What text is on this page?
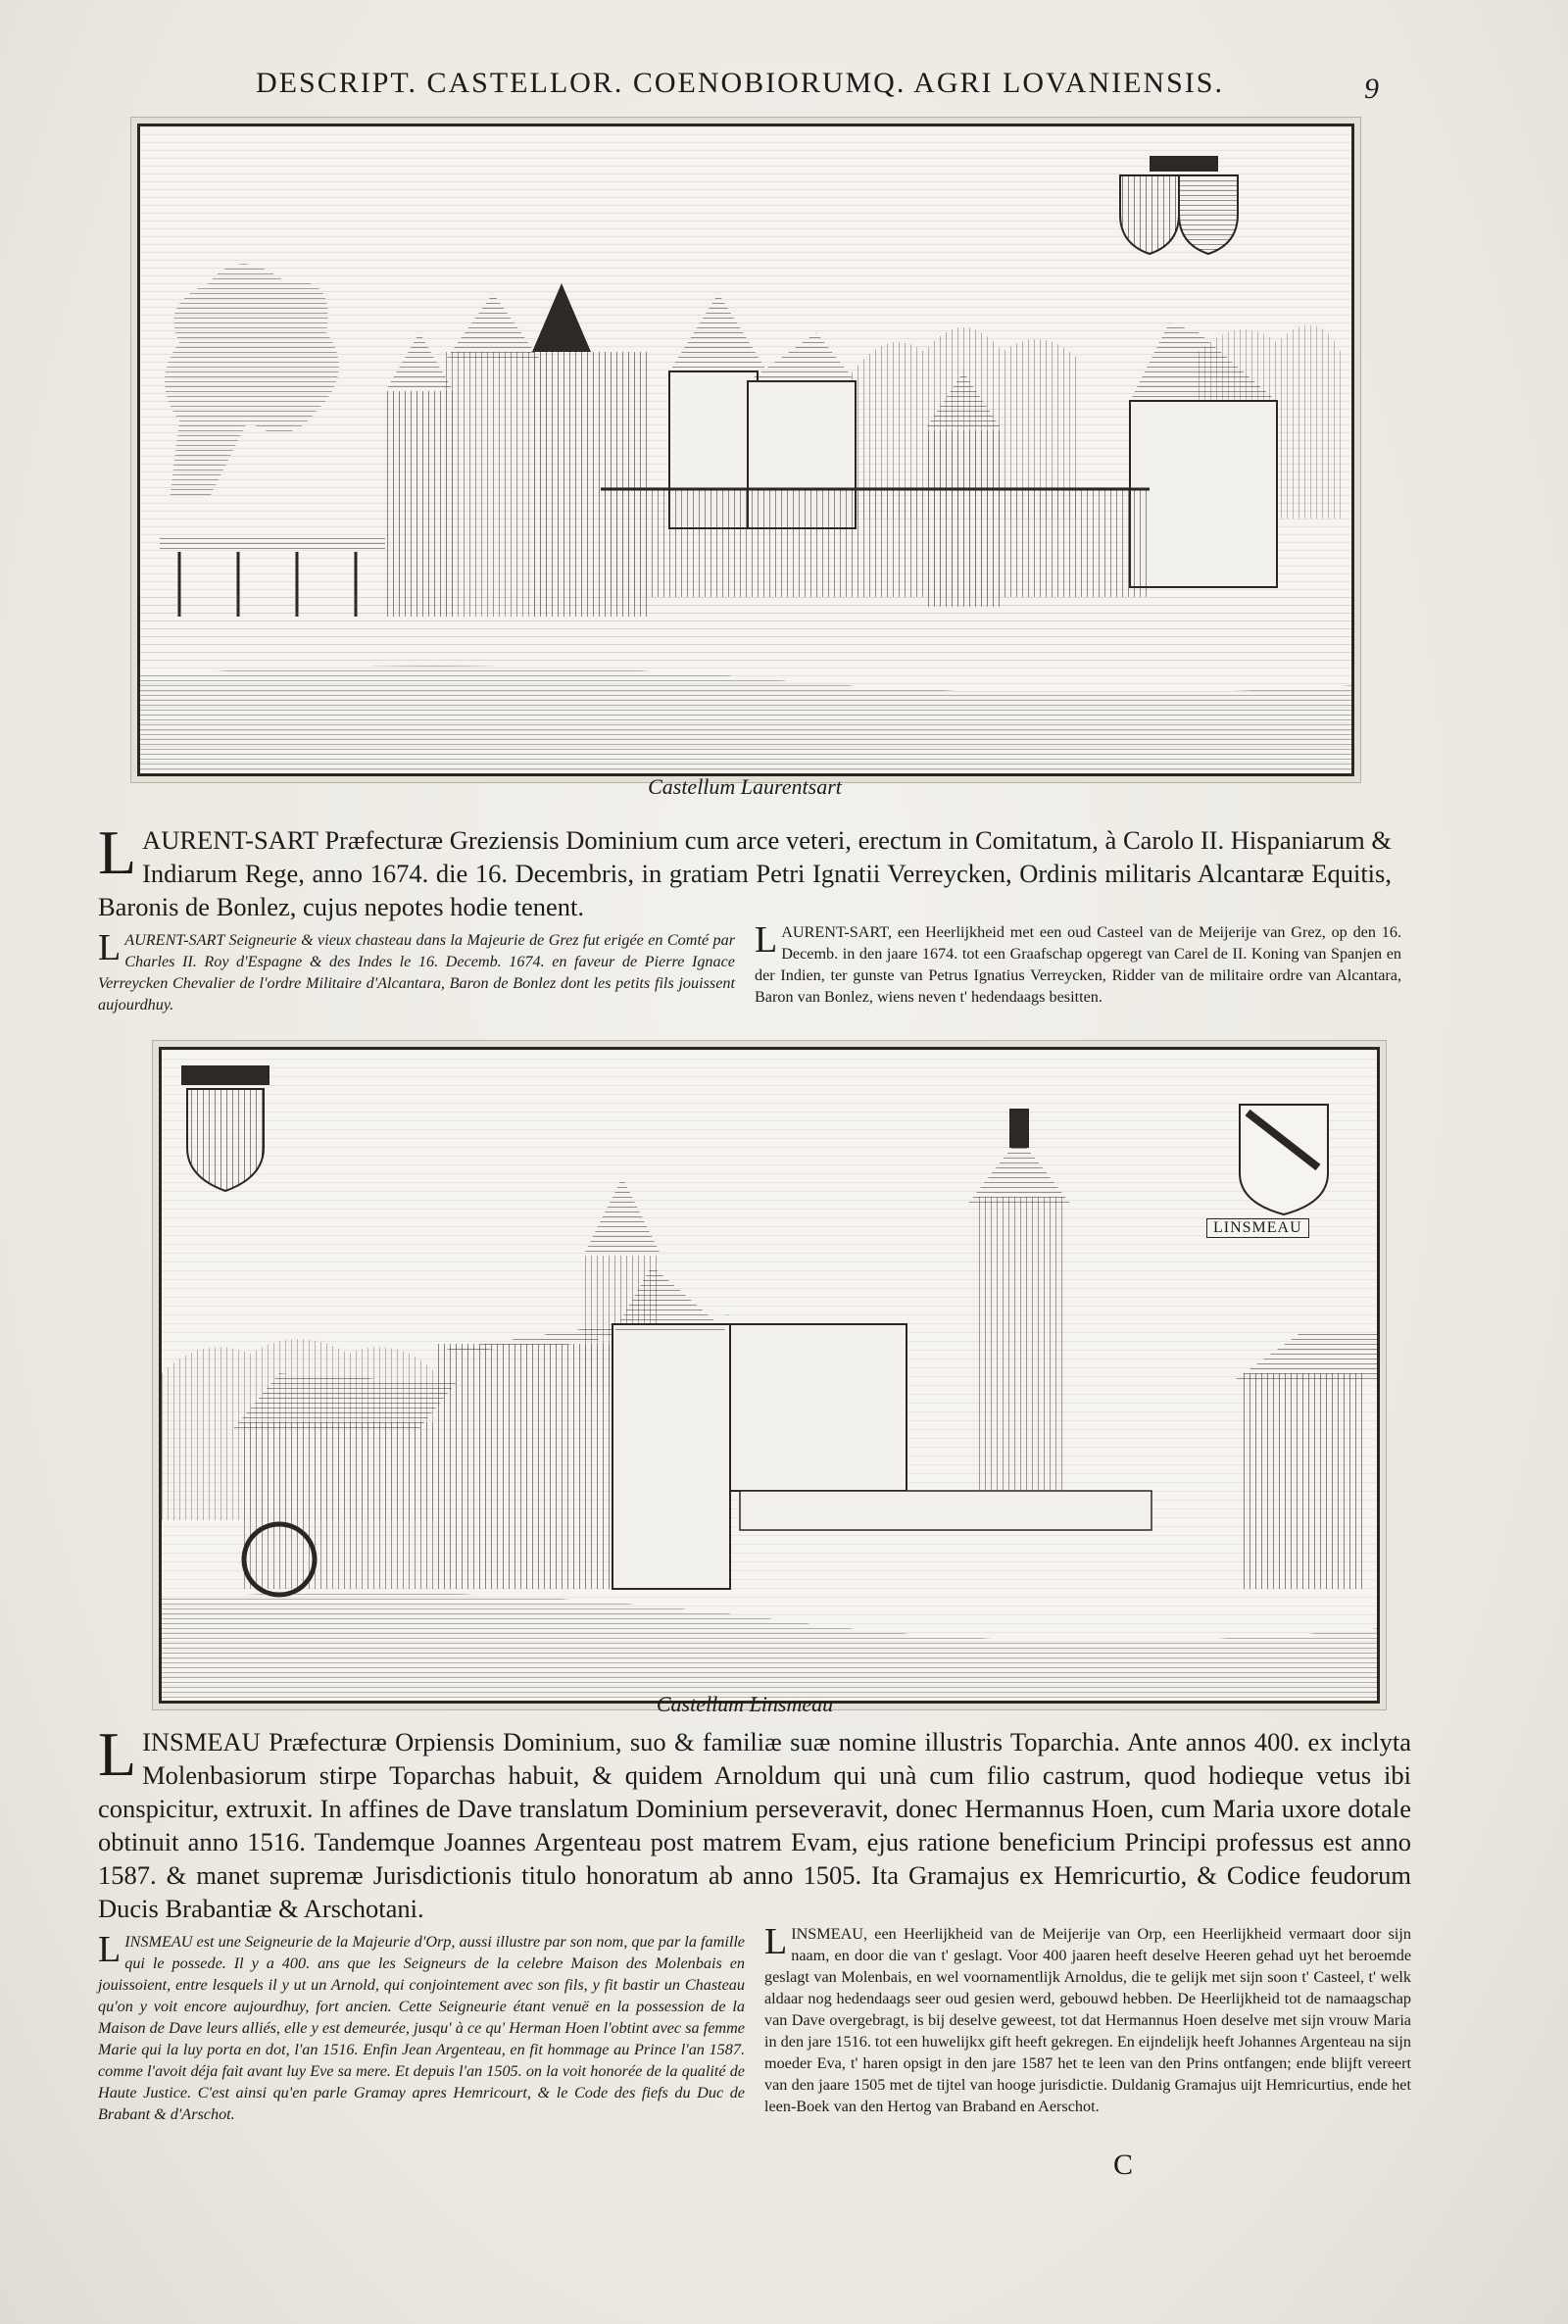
DESCRIPT. CASTELLOR. COENOBIORUMQ. AGRI LOVANIENSIS.	9
Castellum Laurentsart
L AURENT-SART Præfecturæ Greziensis Dominium cum arce veteri, erectum in Comitatum, à Carolo II. Hispaniarum & Indiarum Rege, anno 1674. die 16. Decembris, in gratiam Petri Ignatii Verreycken, Ordinis militaris Alcantaræ Equitis, Baronis de Bonlez, cujus nepotes hodie tenent.
L AURENT-SART Seigneurie & vieux chasteau dans la Majeurie de Grez fut erigée en Comté par Charles II. Roy d'Espagne & des Indes le 16. Decemb. 1674. en faveur de Pierre Ignace Verreycken Chevalier de l'ordre Militaire d'Alcantara, Baron de Bonlez dont les petits fils jouissent aujourdhuy.
L AURENT-SART, een Heerlijkheid met een oud Casteel van de Meijerije van Grez, op den 16. Decemb. in den jaare 1674. tot een Graafschap opgeregt van Carel de II. Koning van Spanjen en der Indien, ter gunste van Petrus Ignatius Verreycken, Ridder van de militaire ordre van Alcantara, Baron van Bonlez, wiens neven t' hedendaags besitten.
LINSMEAU
Castellum Linsmeau
L INSMEAU Præfecturæ Orpiensis Dominium, suo & familiæ suæ nomine illustris Toparchia. Ante annos 400. ex inclyta Molenbasiorum stirpe Toparchas habuit, & quidem Arnoldum qui unà cum filio castrum, quod hodieque vetus ibi conspicitur, extruxit. In affines de Dave translatum Dominium perseveravit, donec Hermannus Hoen, cum Maria uxore dotale obtinuit anno 1516. Tandemque Joannes Argenteau post matrem Evam, ejus ratione beneficium Principi professus est anno 1587. & manet supremæ Jurisdictionis titulo honoratum ab anno 1505. Ita Gramajus ex Hemricurtio, & Codice feudorum Ducis Brabantiæ & Arschotani.
L INSMEAU est une Seigneurie de la Majeurie d'Orp, aussi illustre par son nom, que par la famille qui le possede. Il y a 400. ans que les Seigneurs de la celebre Maison des Molenbais en jouissoient, entre lesquels il y ut un Arnold, qui conjointement avec son fils, y fit bastir un Chasteau qu'on y voit encore aujourdhuy, fort ancien. Cette Seigneurie étant venuë en la possession de la Maison de Dave leurs alliés, elle y est demeurée, jusqu' à ce qu' Herman Hoen l'obtint avec sa femme Marie qui la luy porta en dot, l'an 1516. Enfin Jean Argenteau, en fit hommage au Prince l'an 1587. comme l'avoit déja fait avant luy Eve sa mere. Et depuis l'an 1505. on la voit honorée de la qualité de Haute Justice. C'est ainsi qu'en parle Gramay apres Hemricourt, & le Code des fiefs du Duc de Brabant & d'Arschot.
L INSMEAU, een Heerlijkheid van de Meijerije van Orp, een Heerlijkheid vermaart door sijn naam, en door die van t' geslagt. Voor 400 jaaren heeft deselve Heeren gehad uyt het beroemde geslagt van Molenbais, en wel voornamentlijk Arnoldus, die te gelijk met sijn soon t' Casteel, t' welk aldaar nog hedendaags seer oud gesien werd, gebouwd hebben. De Heerlijkheid tot de namaagschap van Dave overgebragt, is bij deselve geweest, tot dat Hermannus Hoen deselve met sijn vrouw Maria in den jare 1516. tot een huwelijkx gift heeft gekregen. En eijndelijk heeft Johannes Argenteau na sijn moeder Eva, t' haren opsigt in den jare 1587 het te leen van den Prins ontfangen; ende blijft vereert van den jaare 1505 met de tijtel van hooge jurisdictie. Duldanig Gramajus uijt Hemricurtius, ende het leen-Boek van den Hertog van Braband en Aerschot.
C
